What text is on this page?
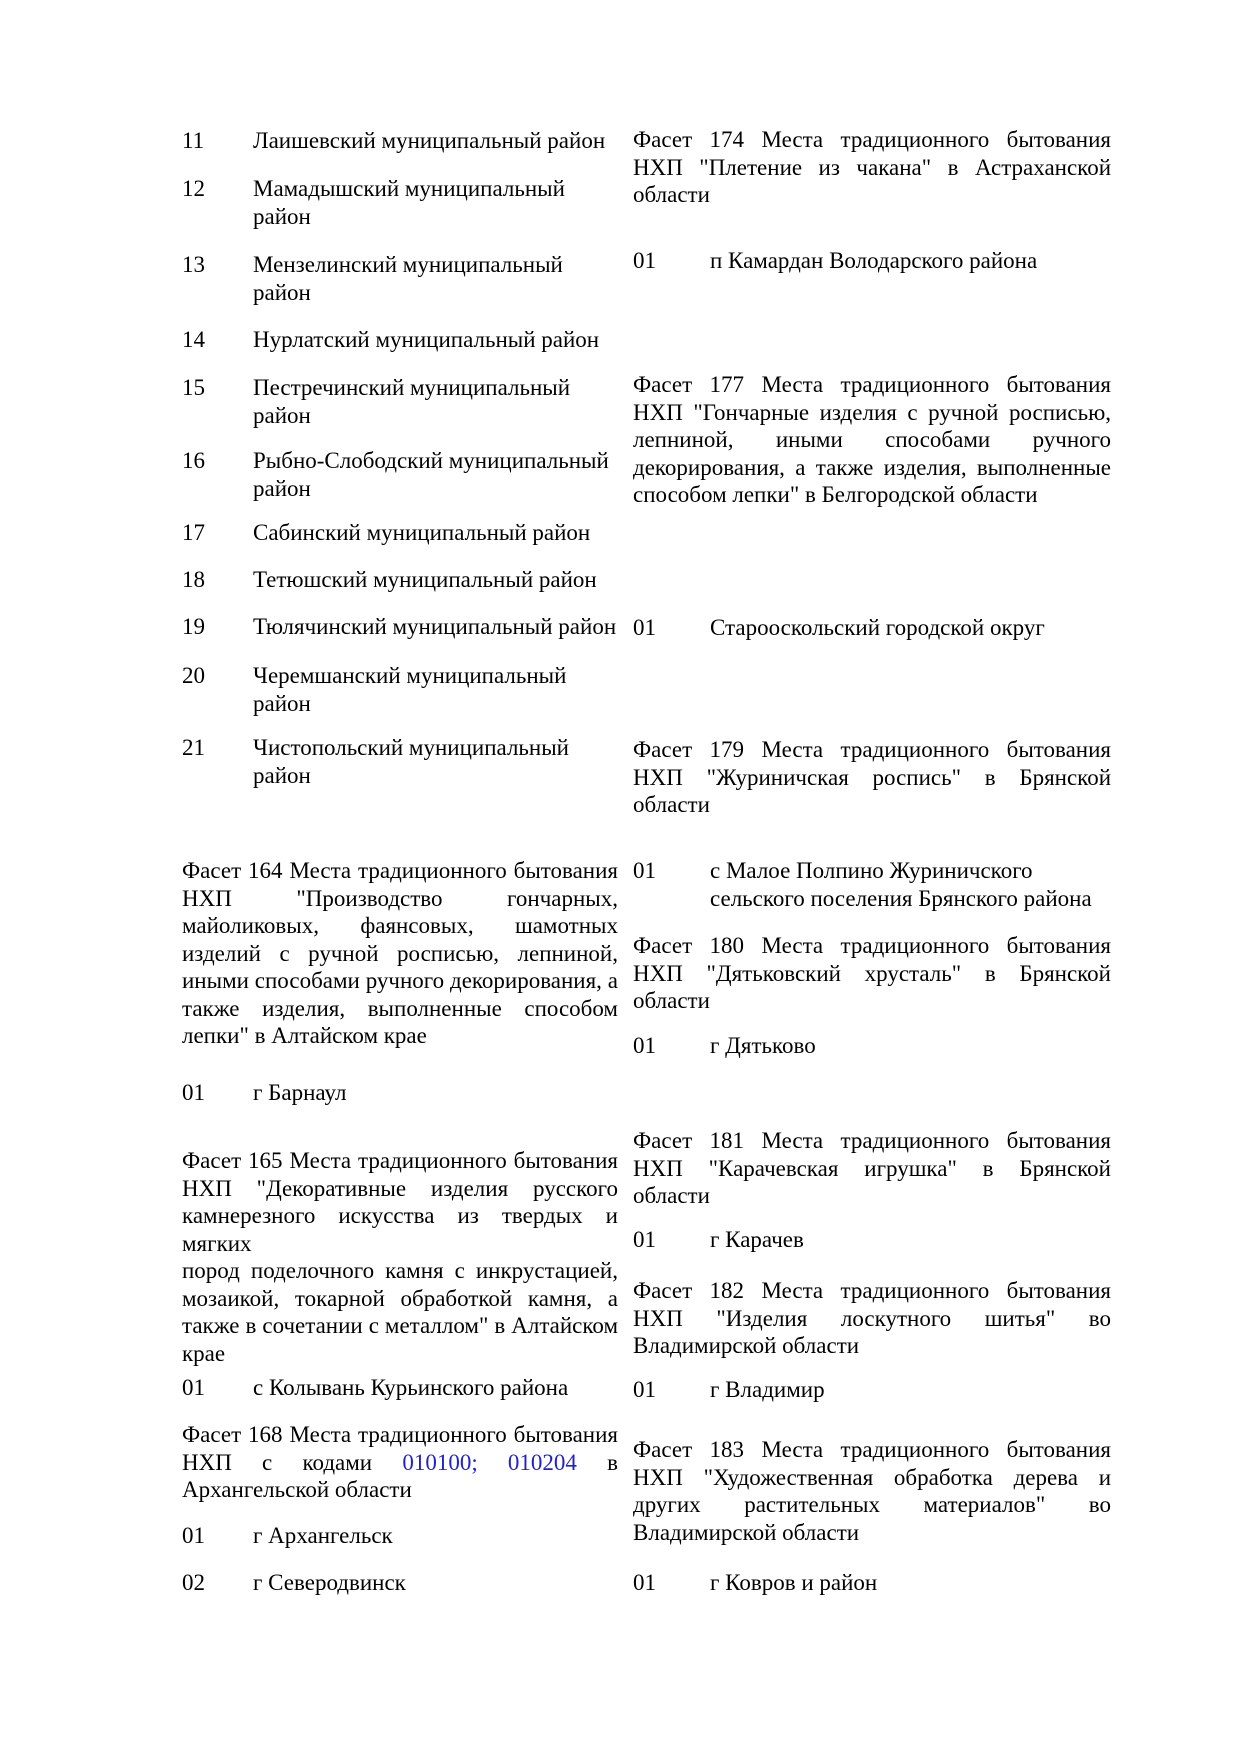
11 Лаишевский муниципальный район
12 Мамадышский муниципальный
район
13 Мензелинский муниципальный
район
14 Нурлатский муниципальный район
15 Пестречинский муниципальный
район
16 Рыбно-Слободский муниципальный
район
17 Сабинский муниципальный район
18 Тетюшский муниципальный район
19 Тюлячинский муниципальный район
20 Черемшанский муниципальный
район
21 Чистопольский муниципальный
район
Фасет 164 Места традиционного бытования
НХП "Производство гончарных,
майоликовых, фаянсовых, шамотных
изделий с ручной росписью, лепниной,
иными способами ручного декорирования, а
также изделия, выполненные способом
лепки" в Алтайском крае
01 г Барнаул
Фасет 165 Места традиционного бытования
НХП "Декоративные изделия русского
камнерезного искусства из твердых и мягких
пород поделочного камня с инкрустацией,
мозаикой, токарной обработкой камня, а
также в сочетании с металлом" в Алтайском
крае
01 с Колывань Курьинского района
Фасет 168 Места традиционного бытования
НХП с кодами 010100; 010204 в
Архангельской области
01 г Архангельск
02 г Северодвинск
Фасет 174 Места традиционного бытования
НХП "Плетение из чакана" в Астраханской
области
01 п Камардан Володарского района
Фасет 177 Места традиционного бытования
НХП "Гончарные изделия с ручной росписью,
лепниной, иными способами ручного
декорирования, а также изделия, выполненные
способом лепки" в Белгородской области
01 Старооскольский городской округ
Фасет 179 Места традиционного бытования
НХП "Журиничская роспись" в Брянской
области
01 с Малое Полпино Журиничского
сельского поселения Брянского района
Фасет 180 Места традиционного бытования
НХП "Дятьковский хрусталь" в Брянской
области
01 г Дятьково
Фасет 181 Места традиционного бытования
НХП "Карачевская игрушка" в Брянской
области
01 г Карачев
Фасет 182 Места традиционного бытования
НХП "Изделия лоскутного шитья" во
Владимирской области
01 г Владимир
Фасет 183 Места традиционного бытования
НХП "Художественная обработка дерева и
других растительных материалов" во
Владимирской области
01 г Ковров и район
